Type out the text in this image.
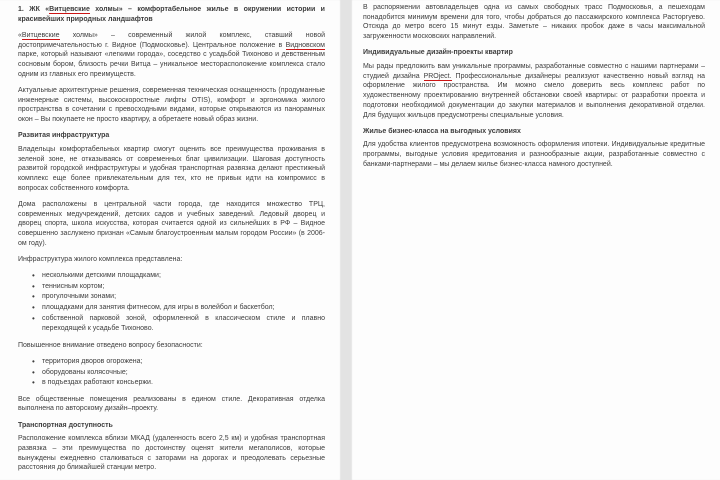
1. ЖК «Витцевские холмы» – комфортабельное жилье в окружении истории и красивейших природных ландшафтов

«Витцевские холмы» – современный жилой комплекс, ставший новой достопримечательностью г. Видное (Подмосковье). Центральное положение в Видновском парке, который называют «легкими города», соседство с усадьбой Тихоново и девственным сосновым бором, близость речки Витца – уникальное месторасположение комплекса стало одним из главных его преимуществ.

Актуальные архитектурные решения, современная техническая оснащенность (продуманные инженерные системы, высокоскоростные лифты OTIS), комфорт и эргономика жилого пространства в сочетании с превосходными видами, которые открываются из панорамных окон – Вы покупаете не просто квартиру, а обретаете новый образ жизни.

Развитая инфраструктура

Владельцы комфортабельных квартир смогут оценить все преимущества проживания в зеленой зоне, не отказываясь от современных благ цивилизации. Шаговая доступность развитой городской инфраструктуры и удобная транспортная развязка делают престижный комплекс еще более привлекательным для тех, кто не привык идти на компромисс в вопросах собственного комфорта.

Дома расположены в центральной части города, где находится множество ТРЦ, современных медучреждений, детских садов и учебных заведений. Ледовый дворец и дворец спорта, школа искусства, которая считается одной из сильнейших в РФ – Видное совершенно заслужено признан «Самым благоустроенным малым городом России» (в 2006-ом году).

Инфраструктура жилого комплекса представлена:

• несколькими детскими площадками;
• теннисным кортом;
• прогулочными зонами;
• площадками для занятия фитнесом, для игры в волейбол и баскетбол;
• собственной парковой зоной, оформленной в классическом стиле и плавно переходящей к усадьбе Тихоново.

Повышенное внимание отведено вопросу безопасности:

• территория дворов огорожена;
• оборудованы колясочные;
• в подъездах работают консьержи.

Все общественные помещения реализованы в едином стиле. Декоративная отделка выполнена по авторскому дизайн–проекту.

Транспортная доступность

Расположение комплекса вблизи МКАД (удаленность всего 2,5 км) и удобная транспортная развязка – эти преимущества по достоинству оценят жители мегаполисов, которые вынуждены ежедневно сталкиваться с заторами на дорогах и преодолевать серьезные расстояния до ближайшей станции метро.

В распоряжении автовладельцев одна из самых свободных трасс Подмосковья, а пешеходам понадобится минимум времени для того, чтобы добраться до пассажирского комплекса Расторгуево. Отсюда до метро всего 15 минут езды. Заметьте – никаких пробок даже в часы максимальной загруженности московских направлений.

Индивидуальные дизайн-проекты квартир

Мы рады предложить вам уникальные программы, разработанные совместно с нашими партнерами – студией дизайна PROject. Профессиональные дизайнеры реализуют качественно новый взгляд на оформление жилого пространства. Им можно смело доверить весь комплекс работ по художественному проектированию внутренней обстановки своей квартиры: от разработки проекта и подготовки необходимой документации до закупки материалов и выполнения декоративной отделки. Для будущих жильцов предусмотрены специальные условия.

Жилье бизнес-класса на выгодных условиях

Для удобства клиентов предусмотрена возможность оформления ипотеки. Индивидуальные кредитные программы, выгодные условия кредитования и разнообразные акции, разработанные совместно с банками-партнерами – мы делаем жилье бизнес-класса намного доступней.
